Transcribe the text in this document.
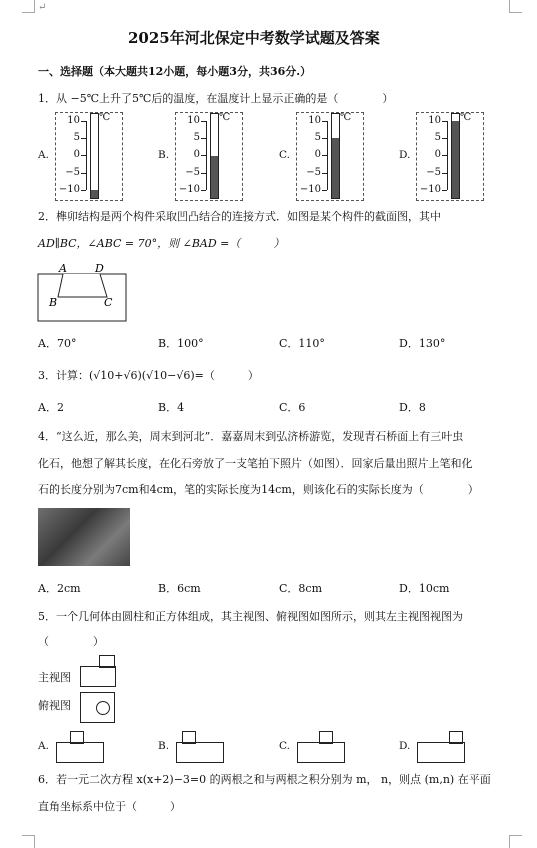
↵
2025年河北保定中考数学试题及答案
一、选择题（本大题共12小题，每小题3分，共36分.）
1．从 −5℃上升了5℃后的温度，在温度计上显示正确的是（　　　　）
A.
10
5
0
−5
−10
℃
B.
10
5
0
−5
−10
℃
C.
10
5
0
−5
−10
℃
D.
10
5
0
−5
−10
℃
2．榫卯结构是两个构件采取凹凸结合的连接方式．如图是某个构件的截面图，其中
AD∥BC，∠ABC = 70°，则 ∠BAD =（　　　）
A	D
B	C
A．70°	B．100°	C．110°	D．130°
3．计算：(√10+√6)(√10−√6)=（　　　）
A．2	B．4	C．6	D．8
4．“这么近，那么美，周末到河北”．嘉嘉周末到弘济桥游览，发现青石桥面上有三叶虫
化石，他想了解其长度，在化石旁放了一支笔拍下照片（如图）．回家后量出照片上笔和化
石的长度分别为7cm和4cm，笔的实际长度为14cm，则该化石的实际长度为（　　　　）
A．2cm	B．6cm	C．8cm	D．10cm
5．一个几何体由圆柱和正方体组成，其主视图、俯视图如图所示，则其左主视图视图为
（　　　　）
主视图
俯视图
A.	B.	C.	D.
6．若一元二次方程 x(x+2)−3=0 的两根之和与两根之积分别为 m， n，则点 (m,n) 在平面
直角坐标系中位于（　　　）
